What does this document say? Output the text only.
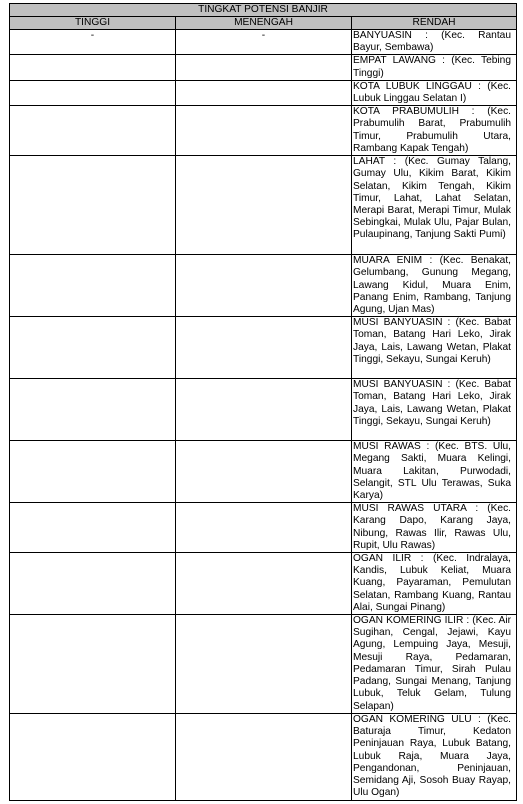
TINGKAT POTENSI BANJIR		
TINGGI	MENENGAH	RENDAH
-	-	BANYUASIN : (Kec. Rantau Bayur, Sembawa)
		EMPAT LAWANG : (Kec. Tebing Tinggi)
		KOTA LUBUK LINGGAU : (Kec. Lubuk Linggau Selatan I)
		KOTA PRABUMULIH : (Kec. Prabumulih Barat, Prabumulih Timur, Prabumulih Utara, Rambang Kapak Tengah)
		LAHAT : (Kec. Gumay Talang, Gumay Ulu, Kikim Barat, Kikim Selatan, Kikim Tengah, Kikim Timur, Lahat, Lahat Selatan, Merapi Barat, Merapi Timur, Mulak Sebingkai, Mulak Ulu, Pajar Bulan, Pulaupinang, Tanjung Sakti Pumi)
		MUARA ENIM : (Kec. Benakat, Gelumbang, Gunung Megang, Lawang Kidul, Muara Enim, Panang Enim, Rambang, Tanjung Agung, Ujan Mas)
		MUSI BANYUASIN : (Kec. Babat Toman, Batang Hari Leko, Jirak Jaya, Lais, Lawang Wetan, Plakat Tinggi, Sekayu, Sungai Keruh)
		MUSI BANYUASIN : (Kec. Babat Toman, Batang Hari Leko, Jirak Jaya, Lais, Lawang Wetan, Plakat Tinggi, Sekayu, Sungai Keruh)
		MUSI RAWAS : (Kec. BTS. Ulu, Megang Sakti, Muara Kelingi, Muara Lakitan, Purwodadi, Selangit, STL Ulu Terawas, Suka Karya)
		MUSI RAWAS UTARA : (Kec. Karang Dapo, Karang Jaya, Nibung, Rawas Ilir, Rawas Ulu, Rupit, Ulu Rawas)
		OGAN ILIR : (Kec. Indralaya, Kandis, Lubuk Keliat, Muara Kuang, Payaraman, Pemulutan Selatan, Rambang Kuang, Rantau Alai, Sungai Pinang)
		OGAN KOMERING ILIR : (Kec. Air Sugihan, Cengal, Jejawi, Kayu Agung, Lempuing Jaya, Mesuji, Mesuji Raya, Pedamaran, Pedamaran Timur, Sirah Pulau Padang, Sungai Menang, Tanjung Lubuk, Teluk Gelam, Tulung Selapan)
		OGAN KOMERING ULU : (Kec. Baturaja Timur, Kedaton Peninjauan Raya, Lubuk Batang, Lubuk Raja, Muara Jaya, Pengandonan, Peninjauan, Semidang Aji, Sosoh Buay Rayap, Ulu Ogan)
